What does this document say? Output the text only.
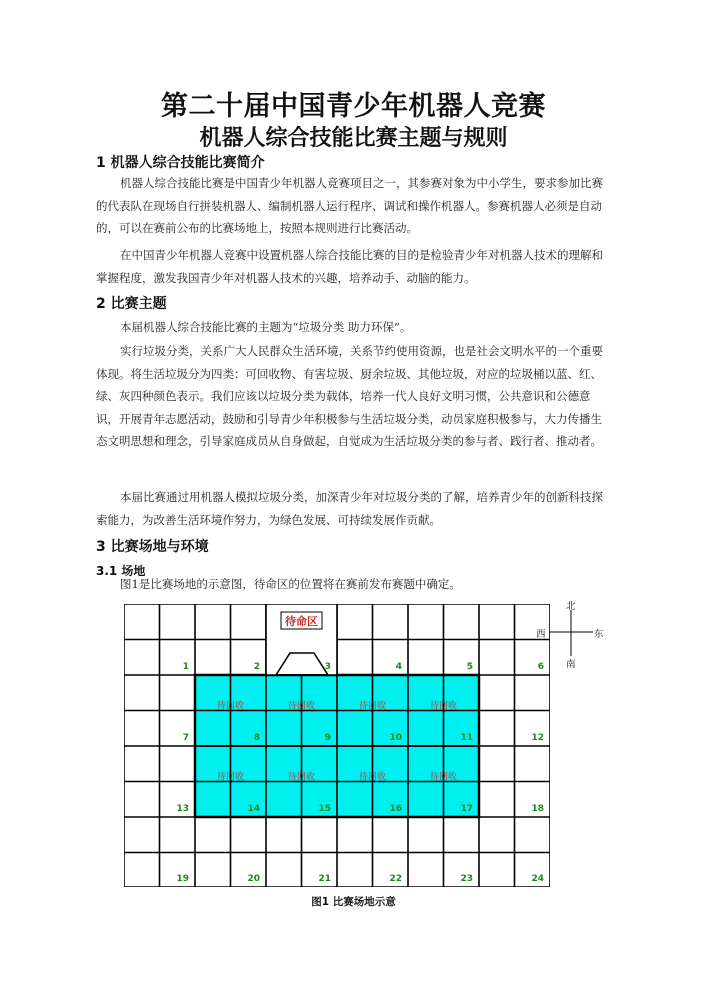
第二十届中国青少年机器人竞赛
机器人综合技能比赛主题与规则
1 机器人综合技能比赛简介
机器人综合技能比赛是中国青少年机器人竞赛项目之一，其参赛对象为中小学生，要求参加比赛的代表队在现场自行拼装机器人、编制机器人运行程序、调试和操作机器人。参赛机器人必须是自动的，可以在赛前公布的比赛场地上，按照本规则进行比赛活动。
在中国青少年机器人竞赛中设置机器人综合技能比赛的目的是检验青少年对机器人技术的理解和掌握程度，激发我国青少年对机器人技术的兴趣，培养动手、动脑的能力。
2 比赛主题
本届机器人综合技能比赛的主题为“垃圾分类 助力环保”。
实行垃圾分类，关系广大人民群众生活环境，关系节约使用资源，也是社会文明水平的一个重要体现。将生活垃圾分为四类：可回收物、有害垃圾、厨余垃圾、其他垃圾，对应的垃圾桶以蓝、红、绿、灰四种颜色表示。我们应该以垃圾分类为载体，培养一代人良好文明习惯，公共意识和公德意识，开展青年志愿活动，鼓励和引导青少年积极参与生活垃圾分类，动员家庭积极参与，大力传播生态文明思想和理念，引导家庭成员从自身做起，自觉成为生活垃圾分类的参与者、践行者、推动者。
本届比赛通过用机器人模拟垃圾分类，加深青少年对垃圾分类的了解，培养青少年的创新科技探索能力，为改善生活环境作努力，为绿色发展、可持续发展作贡献。
3 比赛场地与环境
3.1 场地
图1是比赛场地的示意图，待命区的位置将在赛前发布赛题中确定。
北
南
西	东
待命区
待回收	待回收	待回收	待回收
待回收	待回收	待回收	待回收
1	2	3	4	5	6
7	8	9	10	11	12
13	14	15	16	17	18
19	20	21	22	23	24
图1 比赛场地示意
